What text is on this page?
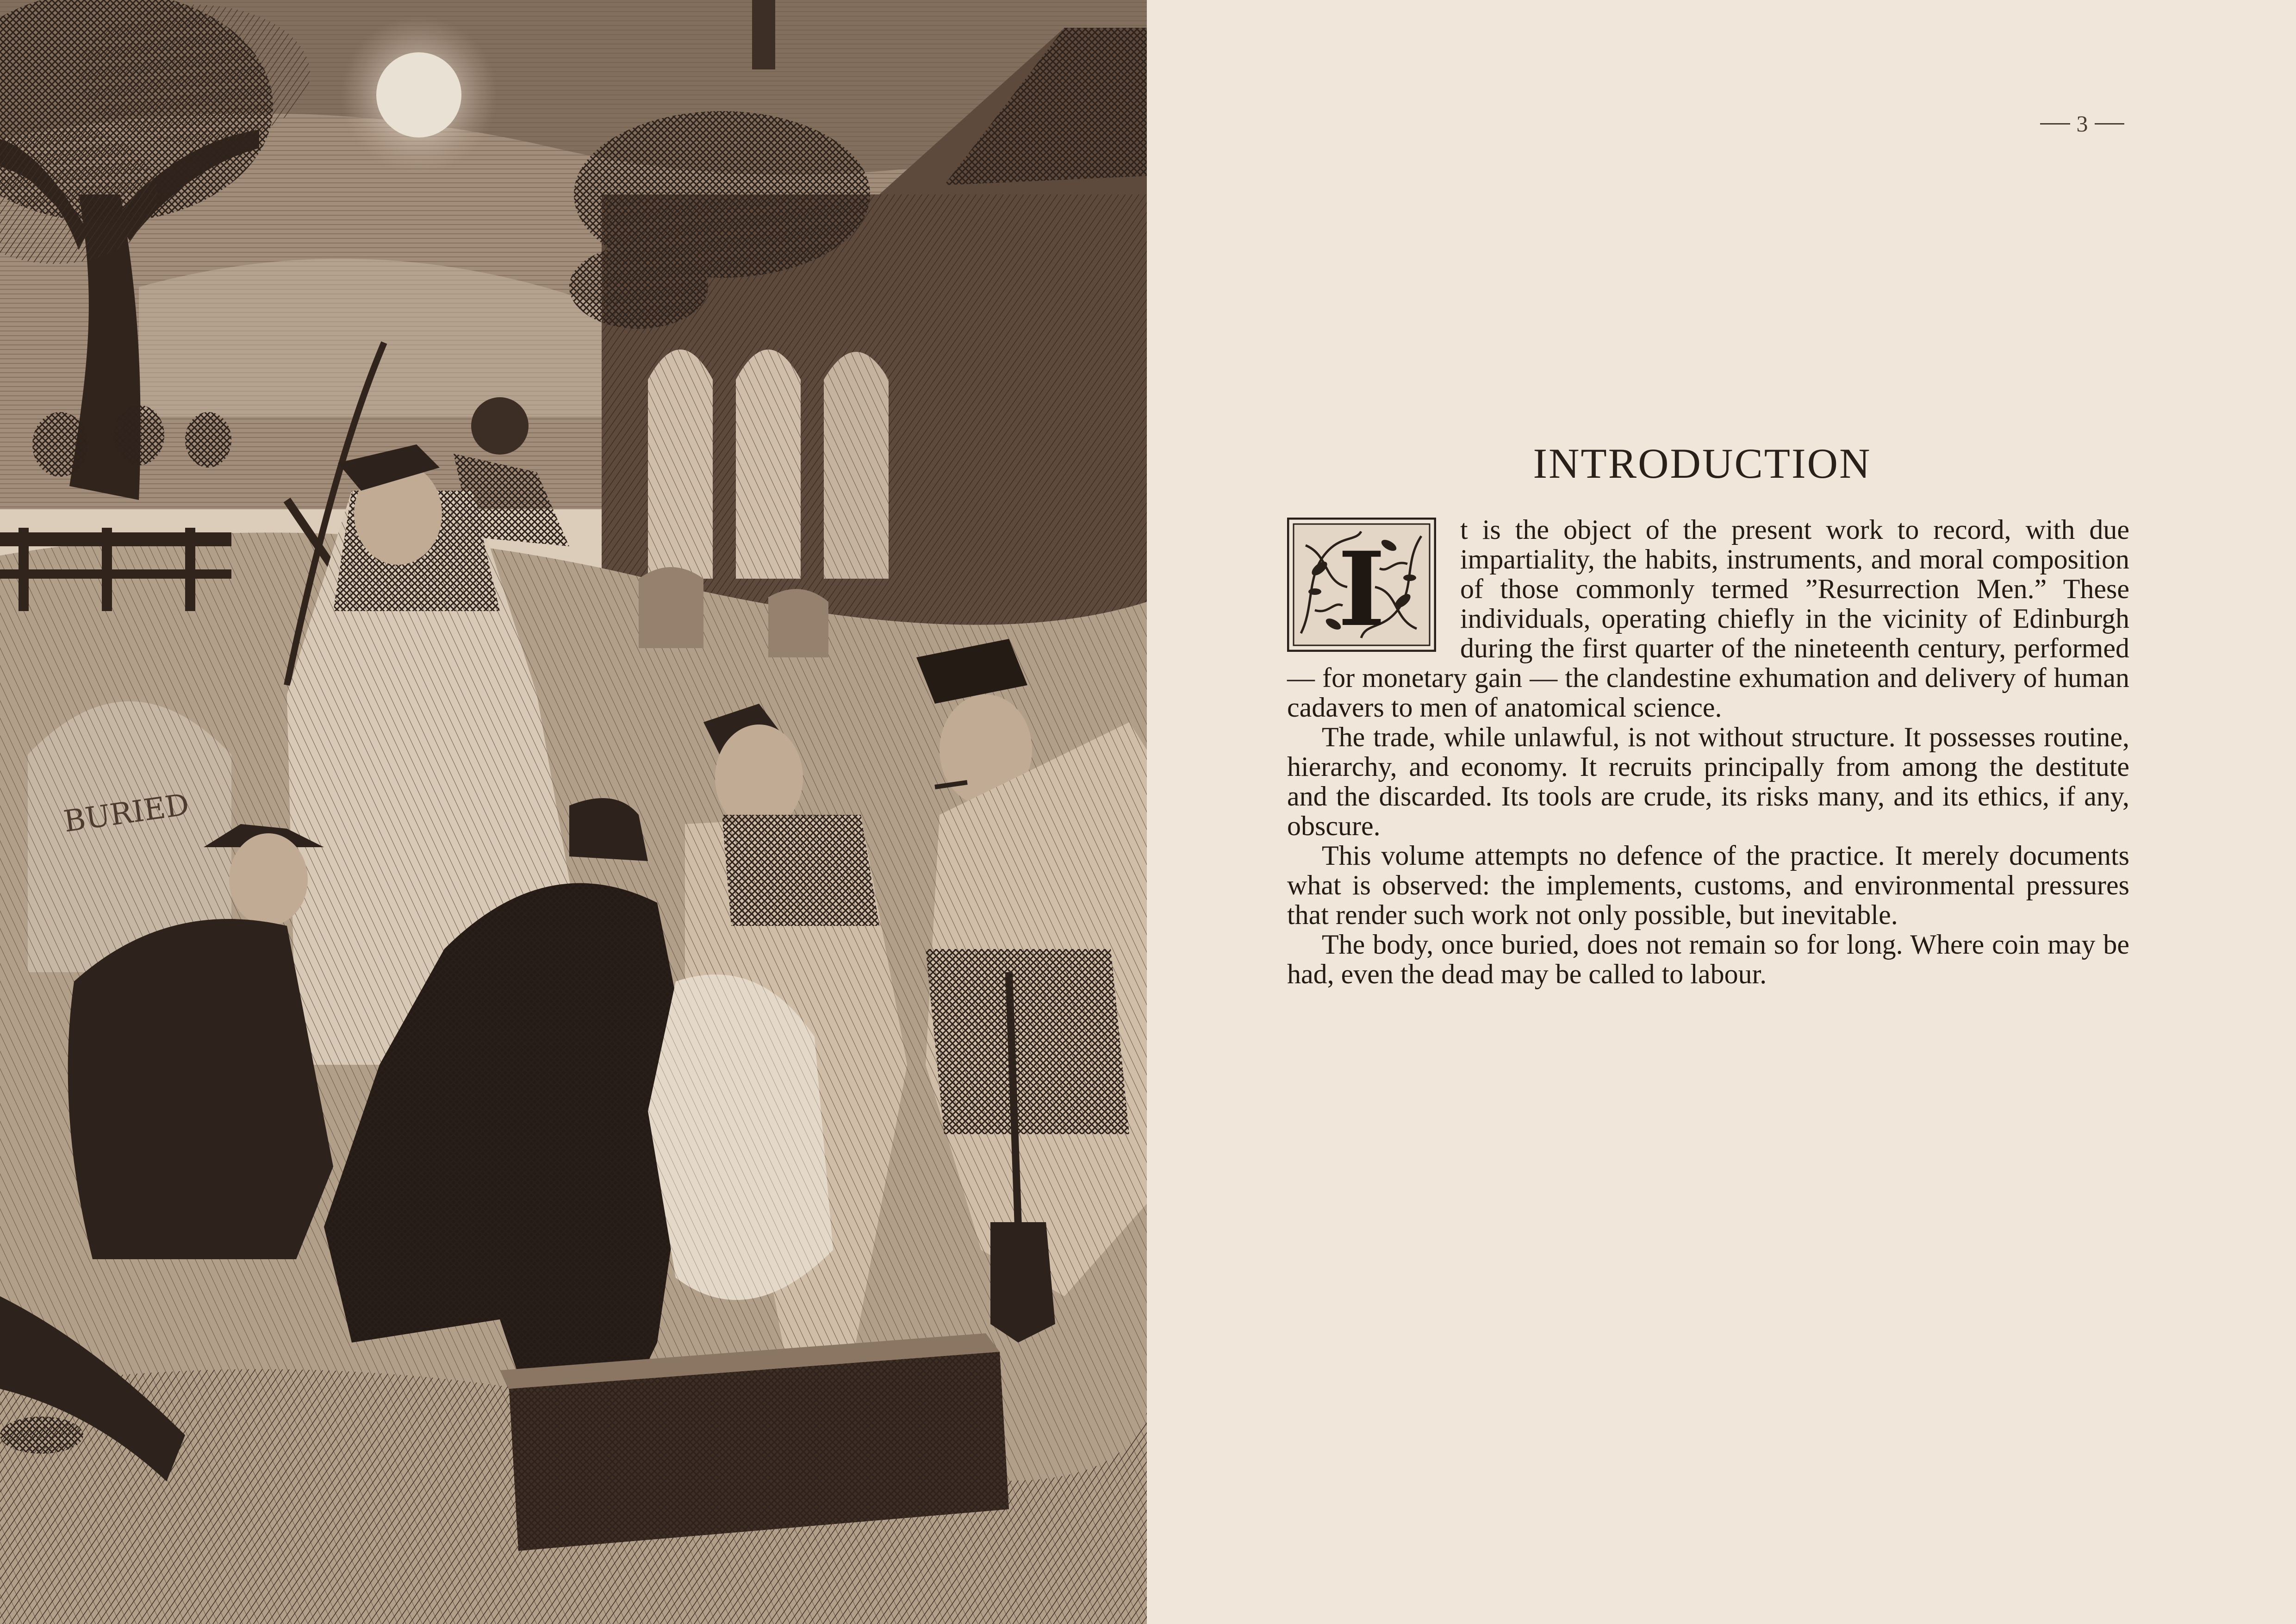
BURIED
3
INTRODUCTION
I	t is the object of the present work to record, with due impartiality, the habits, instruments, and moral composition of those commonly termed ”Resurrection Men.” These individuals, operating chiefly in the vicinity of Edinburgh during the first quarter of the nineteenth century, performed — for monetary gain — the clandestine exhumation and delivery of human cadavers to men of anatomical science.

The trade, while unlawful, is not without structure. It possesses routine, hierarchy, and economy. It recruits principally from among the destitute and the discarded. Its tools are crude, its risks many, and its ethics, if any, obscure.

This volume attempts no defence of the practice. It merely documents what is observed: the implements, customs, and environmental pressures that render such work not only possible, but inevitable.

The body, once buried, does not remain so for long. Where coin may be had, even the dead may be called to labour.
